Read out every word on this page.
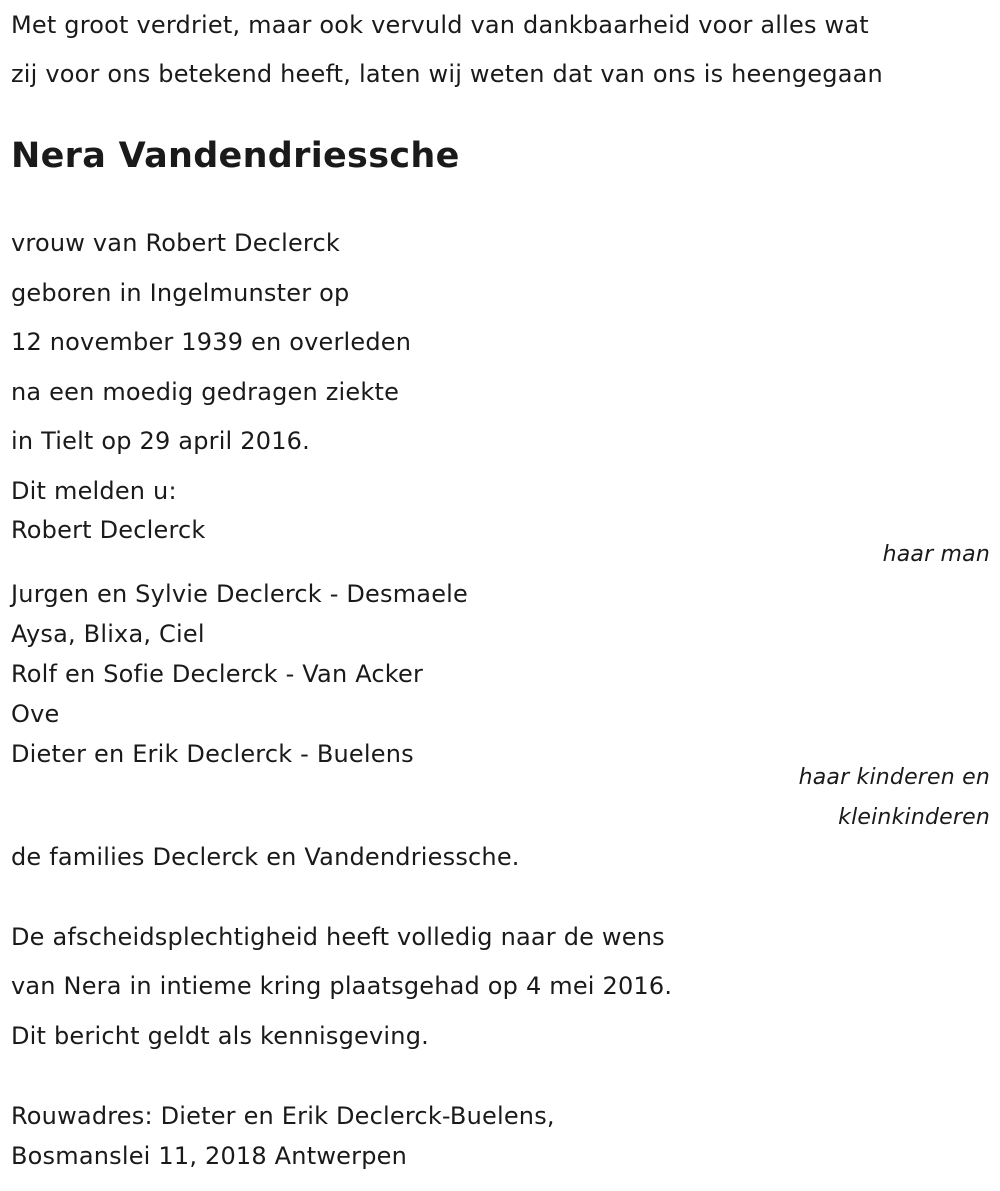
Met groot verdriet, maar ook vervuld van dankbaarheid voor alles wat
zij voor ons betekend heeft, laten wij weten dat van ons is heengegaan
Nera Vandendriessche
vrouw van Robert Declerck
geboren in Ingelmunster op
12 november 1939 en overleden
na een moedig gedragen ziekte
in Tielt op 29 april 2016.
Dit melden u:
Robert Declerck
haar man
Jurgen en Sylvie Declerck - Desmaele
Aysa, Blixa, Ciel
Rolf en Sofie Declerck - Van Acker
Ove
Dieter en Erik Declerck - Buelens
haar kinderen en
kleinkinderen
de families Declerck en Vandendriessche.
De afscheidsplechtigheid heeft volledig naar de wens
van Nera in intieme kring plaatsgehad op 4 mei 2016.
Dit bericht geldt als kennisgeving.
Rouwadres: Dieter en Erik Declerck-Buelens,
Bosmanslei 11, 2018 Antwerpen
